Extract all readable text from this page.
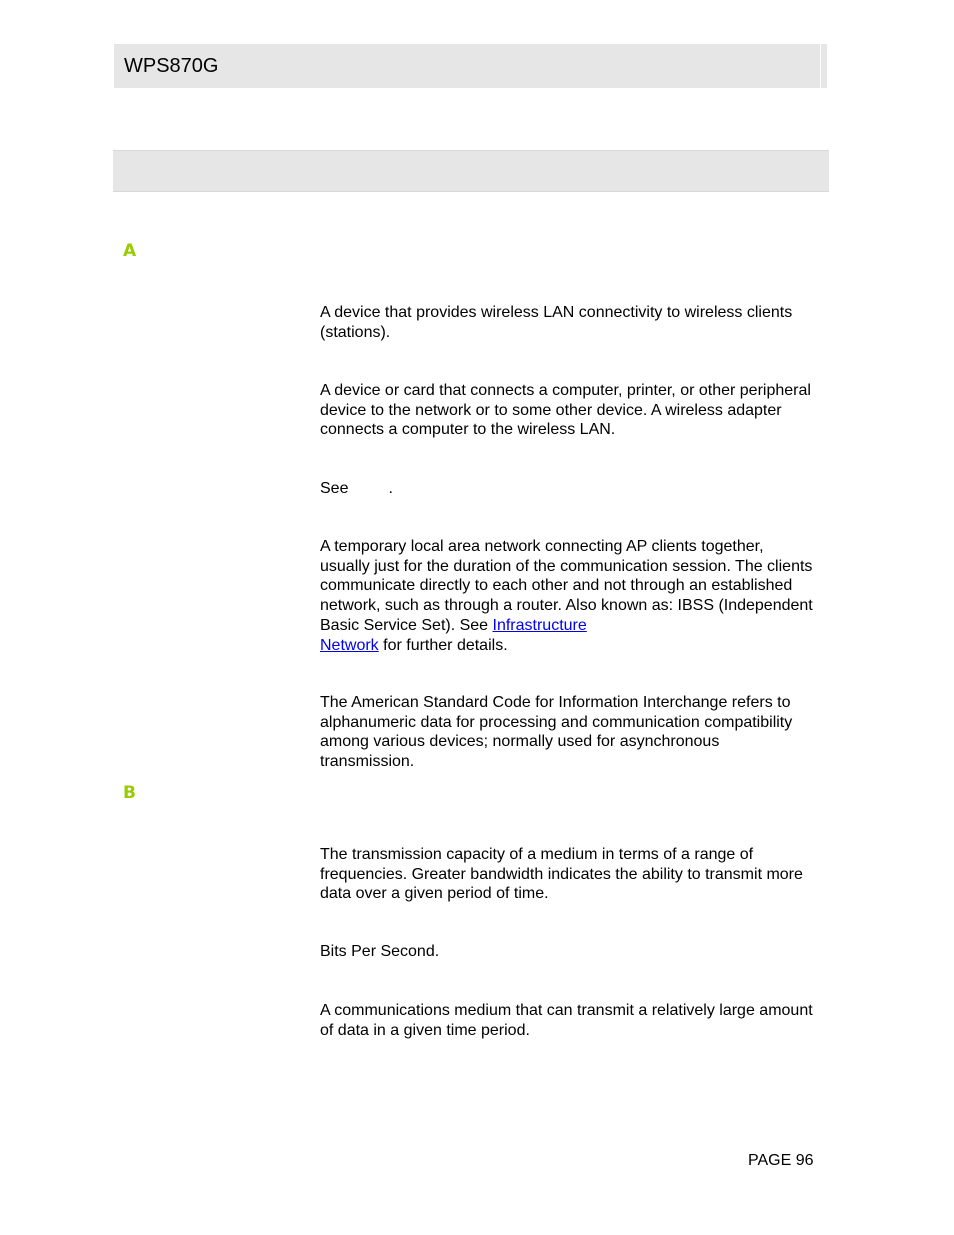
WPS870G
A

A device that provides wireless LAN connectivity to wireless clients (stations).

A device or card that connects a computer, printer, or other peripheral device to the network or to some other device. A wireless adapter connects a computer to the wireless LAN.

See	.

A temporary local area network connecting AP clients together, usually just for the duration of the communication session. The clients communicate directly to each other and not through an established network, such as through a router. Also known as: IBSS (Independent Basic Service Set). See Infrastructure
Network for further details.

The American Standard Code for Information Interchange refers to alphanumeric data for processing and communication compatibility among various devices; normally used for asynchronous transmission.

B

The transmission capacity of a medium in terms of a range of frequencies. Greater bandwidth indicates the ability to transmit more data over a given period of time.

Bits Per Second.

A communications medium that can transmit a relatively large amount of data in a given time period.

PAGE 96
